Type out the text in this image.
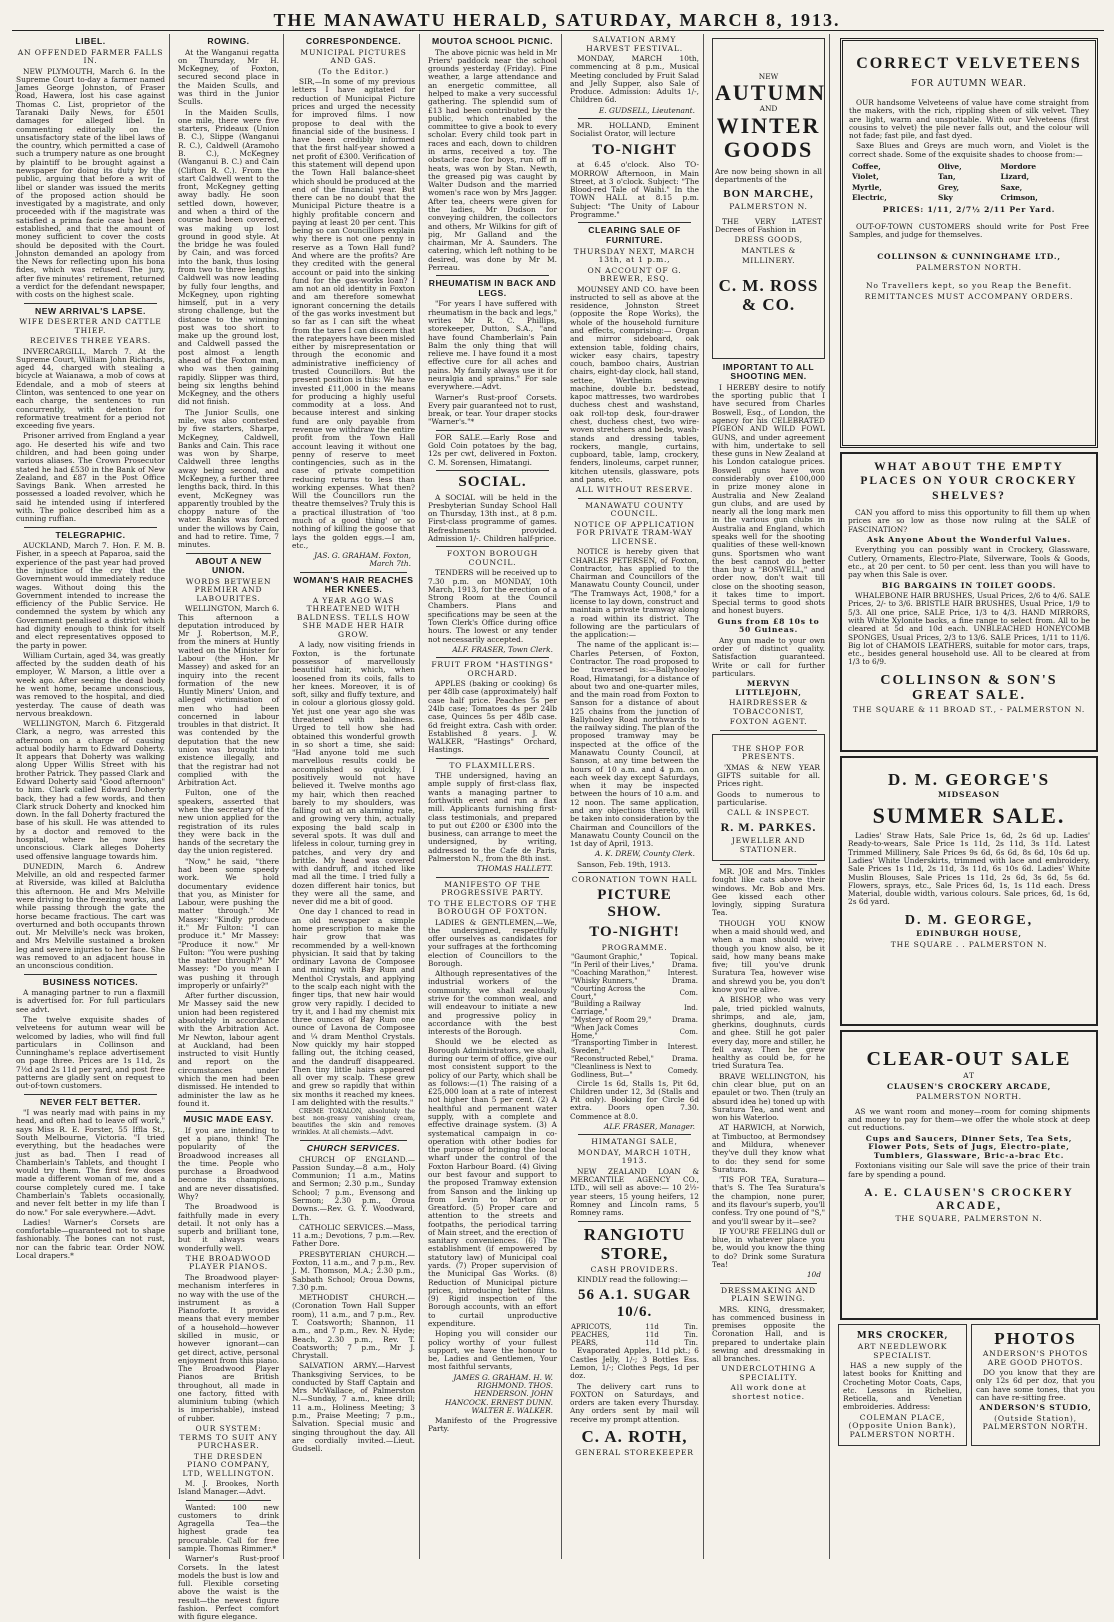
THE MANAWATU HERALD, SATURDAY, MARCH 8, 1913.
LIBEL.
AN OFFENDED FARMER FALLS IN.

NEW PLYMOUTH, March 6. In the Supreme Court to-day a farmer named James George Johnston, of Fraser Road, Hawera, lost his case against Thomas C. List, proprietor of the Taranaki Daily News, for £501 damages for alleged libel. In commenting editorially on the unsatisfactory state of the libel laws of the country, which permitted a case of such a trumpery nature as one brought by plaintiff to be brought against a newspaper for doing its duty by the public, arguing that before a writ of libel or slander was issued the merits of the proposed action should be investigated by a magistrate, and only proceeded with if the magistrate was satisfied a prima facie case had been established, and that the amount of money sufficient to cover the costs should be deposited with the Court. Johnston demanded an apology from the News for reflecting upon his bona fides, which was refused. The jury, after five minutes' retirement, returned a verdict for the defendant newspaper, with costs on the highest scale.

NEW ARRIVAL'S LAPSE.
WIFE DESERTER AND CATTLE THIEF.
RECEIVES THREE YEARS.

INVERCARGILL, March 7. At the Supreme Court, William John Richards, aged 44, charged with stealing a bicycle at Waianawa, a mob of cows at Edendale, and a mob of steers at Clinton, was sentenced to one year on each charge, the sentences to run concurrently, with detention for reformative treatment for a period not exceeding five years.

Prisoner arrived from England a year ago. He deserted his wife and two children, and had been going under various aliases. The Crown Prosecutor stated he had £530 in the Bank of New Zealand, and £87 in the Post Office Savings Bank. When arrested he possessed a loaded revolver, which he said he intended using if interfered with. The police described him as a cunning ruffian.

TELEGRAPHIC.

AUCKLAND, March 7. Hon. F. M. B. Fisher, in a speech at Paparoa, said the experience of the past year had proved the injustice of the cry that the Government would immediately reduce wages. Without doing this the Government intended to increase the efficiency of the Public Service. He condemned the system by which any Government penalised a district which had dignity enough to think for itself and elect representatives opposed to the party in power.

William Curtain, aged 34, was greatly affected by the sudden death of his employer, W. Marson, a little over a week ago. After seeing the dead body he went home, became unconscious, was removed to the hospital, and died yesterday. The cause of death was nervous breakdown.

WELLINGTON, March 6. Fitzgerald Clark, a negro, was arrested this afternoon on a charge of causing actual bodily harm to Edward Doherty. It appears that Doherty was walking along Upper Willis Street with his brother Patrick. They passed Clark and Edward Doherty said "Good afternoon" to him. Clark called Edward Doherty back, they had a few words, and then Clark struck Doherty and knocked him down. In the fall Doherty fractured the base of his skull. He was attended to by a doctor and removed to the hospital, where he now lies unconscious. Clark alleges Doherty used offensive language towards him.

DUNEDIN, March 6. Andrew Melville, an old and respected farmer at Riverside, was killed at Balclutha this afternoon. He and Mrs Melville were driving to the freezing works, and while passing through the gate the horse became fractious. The cart was overturned and both occupants thrown out. Mr Melville's neck was broken, and Mrs Melville sustained a broken leg and severe injuries to her face. She was removed to an adjacent house in an unconscious condition.

BUSINESS NOTICES.

A managing partner to run a flaxmill is advertised for. For full particulars see advt.

The twelve exquisite shades of velveteens for autumn wear will be welcomed by ladies, who will find full particulars in Collinson and Cunninghame's replace advertisement on page three. Prices are 1s 11d, 2s 7½d and 2s 11d per yard, and post free patterns are gladly sent on request to out-of-town customers.

NEVER FELT BETTER.

"I was nearly mad with pains in my head, and often had to leave off work," says Miss R. E. Forster, 55 Iffla St., South Melbourne, Victoria. "I tried everything, but the headaches were just as bad. Then I read of Chamberlain's Tablets, and thought I would try them. The first few doses made a different woman of me, and a course completely cured me. I take Chamberlain's Tablets occasionally, and never felt better in my life than I do now." For sale everywhere.—Advt.

Ladies! Warner's Corsets are comfortable—guaranteed not to shape fashionably. The bones can not rust, nor can the fabric tear. Order NOW. Local drapers.*

ROWING.

At the Wanganui regatta on Thursday, Mr H. McKegney, of Foxton, secured second place in the Maiden Sculls, and was third in the Junior Sculls.

In the Maiden Sculls, one mile, there were five starters, Prideaux (Union B. C.), Slippe (Wanganui R. C.), Caldwell (Aramoho B. C.), McKegney (Wanganui B. C.) and Cain (Clifton R. C.). From the start Caldwell went to the front, McKegney getting away badly. He soon settled down, however, and when a third of the course had been covered, was making up lost ground in good style. At the bridge he was fouled by Cain, and was forced into the bank, thus losing from two to three lengths. Caldwell was now leading by fully four lengths, and McKegney, upon righting himself, put in a very strong challenge, but the distance to the winning post was too short to make up the ground lost, and Caldwell passed the post almost a length ahead of the Foxton man, who was then gaining rapidly. Slipper was third, being six lengths behind McKegney, and the others did not finish.

The Junior Sculls, one mile, was also contested by five starters, Sharpe, McKegney, Caldwell, Banks and Cain. This race was won by Sharpe, Caldwell three lengths away being second, and McKegney, a further three lengths back, third. In this event, McKegney was apparently troubled by the choppy nature of the water. Banks was forced under the willows by Cain, and had to retire. Time, 7 minutes.

ABOUT A NEW UNION.
WORDS BETWEEN PREMIER AND LABOURITES.

WELLINGTON, March 6. This afternoon a deputation introduced by Mr J. Robertson, M.P., from the miners at Huntly waited on the Minister for Labour (the Hon. Mr Massey) and asked for an inquiry into the recent formation of the new Huntly Miners' Union, and alleged victimisation of men who had been concerned in labour troubles in that district. It was contended by the deputation that the new union was brought into existence illegally, and that the registrar had not complied with the Arbitration Act.

Fulton, one of the speakers, asserted that when the secretary of the new union applied for the registration of its rules they were back in the hands of the secretary the day the union registered.

"Now," he said, "there had been some speedy work. We hold documentary evidence that you, as Minister for Labour, were pushing the matter through." Mr Massey: "Kindly produce it." Mr Fulton: "I can produce it." Mr Massey: "Produce it now." Mr Fulton: "You were pushing the matter through?" Mr Massey: "Do you mean I was pushing it through improperly or unfairly?"

After further discussion, Mr Massey said the new union had been registered absolutely in accordance with the Arbitration Act. Mr Newton, labour agent at Auckland, had been instructed to visit Huntly and report on the circumstances under which the men had been dismissed. He intended to administer the law as he found it.

MUSIC MADE EASY.

If you are intending to get a piano, think! The popularity of the Broadwood increases all the time. People who purchase a Broadwood become its champions, and are never dissatisfied. Why?

The Broadwood is faithfully made in every detail. It not only has a superb and brilliant tone, but it always wears wonderfully well.

THE BROADWOOD PLAYER PIANOS.

The Broadwood player-mechanism interferes in no way with the use of the instrument as a Pianoforte. It provides means that every member of a household—however skilled in music, or however ignorant—can get direct, active, personal enjoyment from this piano. The Broadwood Player Pianos are British throughout, all made in one factory, fitted with aluminium tubing (which is imperishable), instead of rubber.

OUR SYSTEM: TERMS TO SUIT ANY PURCHASER.
THE DRESDEN PIANO COMPANY, LTD, WELLINGTON.

M. J. Brookes, North Island Manager.—Advt.

Wanted: 100 new customers to drink Agragella Tea—the highest grade tea procurable. Call for free sample. Thomas Rimmer.*

Warner's Rust-proof Corsets. In the latest models the bust is low and full. Flexible corseting above the waist is the result—the newest figure fashion. Perfect comfort with figure elegance.

CORRESPONDENCE.
MUNICIPAL PICTURES AND GAS.
(To the Editor.)

SIR,—In some of my previous letters I have agitated for reduction of Municipal Picture prices and urged the necessity for improved films. I now propose to deal with the financial side of the business. I have been credibly informed that the first half-year showed a net profit of £300. Verification of this statement will depend upon the Town Hall balance-sheet which should be produced at the end of the financial year. But there can be no doubt that the Municipal Picture theatre is a highly profitable concern and paying at least 20 per cent. This being so can Councillors explain why there is not one penny in reserve as a Town Hall fund? And where are the profits? Are they credited with the general account or paid into the sinking fund for the gas-works loan? I am not an old identity in Foxton and am therefore somewhat ignorant concerning the details of the gas works investment but so far as I can sift the wheat from the tares I can discern that the ratepayers have been misled either by misrepresentation or through the economic and administrative inefficiency of trusted Councillors. But the present position is this: We have invested £11,000 in the means for producing a highly useful commodity at a loss. And because interest and sinking fund are only payable from revenue we withdraw the entire profit from the Town Hall account leaving it without one penny of reserve to meet contingencies, such as in the case of private competition reducing returns to less than working expenses. What then? Will the Councillors run the theatre themselves? Truly this is a practical illustration of 'too much of a good thing' or so nothing of killing the goose that lays the golden eggs.—I am, etc.,

JAS. G. GRAHAM. Foxton, March 7th.
WOMAN'S HAIR REACHES HER KNEES.
A YEAR AGO WAS THREATENED WITH BALDNESS. TELLS HOW SHE MADE HER HAIR GROW.

A lady, now visiting friends in Foxton, is the fortunate possessor of marvellously beautiful hair, which, when loosened from its coils, falls to her knees. Moreover, it is of soft, silky and fluffy texture, and in colour a glorious glossy gold. Yet just one year ago she was threatened with baldness. Urged to tell how she had obtained this wonderful growth in so short a time, she said: "Had anyone told me such marvellous results could be accomplished so quickly, I positively would not have believed it. Twelve months ago my hair, which then reached barely to my shoulders, was falling out at an alarming rate, and growing very thin, actually exposing the bald scalp in several spots. It was dull and lifeless in colour, turning grey in patches, and very dry and brittle. My head was covered with dandruff, and itched like mad all the time. I tried fully a dozen different hair tonics, but they were all the same, and never did me a bit of good.

One day I chanced to read in an old newspaper a simple home prescription to make the hair grow that was recommended by a well-known physician. It said that by taking ordinary Lavona de Composee and mixing with Bay Rum and Menthol Crystals, and applying to the scalp each night with the finger tips, that new hair would grow very rapidly. I decided to try it, and I had my chemist mix three ounces of Bay Rum one ounce of Lavona de Composee and ¼ dram Menthol Crystals. Now quickly my hair stopped falling out, the itching ceased, and the dandruff disappeared. Then tiny little hairs appeared all over my scalp. These grew and grew so rapidly that within six months it reached my knees. I am delighted with the results."

CREME TOKALON, absolutely the best non-greasy vanishing cream, beautifies the skin and removes wrinkles. At all chemists.—Advt.

CHURCH SERVICES.

CHURCH OF ENGLAND.—Passion Sunday.—8 a.m., Holy Communion; 11 a.m., Matins and Sermon; 2.30 p.m., Sunday School; 7 p.m., Evensong and Sermon; 2.30 p.m., Oroua Downs.—Rev. G. Y. Woodward, L.Th.

CATHOLIC SERVICES.—Mass, 11 a.m.; Devotions, 7 p.m.—Rev. Father Dore.

PRESBYTERIAN CHURCH.—Foxton, 11 a.m., and 7 p.m., Rev. J. M. Thomson, M.A.; 2.30 p.m., Sabbath School; Oroua Downs, 7.30 p.m.

METHODIST CHURCH.—(Coronation Town Hall Supper room), 11 a.m., and 7 p.m., Rev. T. Coatsworth; Shannon, 11 a.m., and 7 p.m., Rev. N. Hyde; Beach, 2.30 p.m., Rev. T. Coatsworth; 7 p.m., Mr J. Chrystall.

SALVATION ARMY.—Harvest Thanksgiving Services, to be conducted by Staff Captain and Mrs McWallace, of Palmerston N.—Sunday, 7 a.m., knee drill; 11 a.m., Holiness Meeting; 3 p.m., Praise Meeting; 7 p.m., Salvation. Special music and singing throughout the day. All are cordially invited.—Lieut. Gudsell.

MOUTOA SCHOOL PICNIC.

The above picnic was held in Mr Priers' paddock near the school grounds yesterday (Friday). Fine weather, a large attendance and an energetic committee, all helped to make a very successful gathering. The splendid sum of £13 had been contributed by the public, which enabled the committee to give a book to every scholar. Every child took part in races and each, down to children in arms, received a toy. The obstacle race for boys, run off in heats, was won by Stan. Newth, the greased pig was caught by Walter Dudson and the married women's race won by Mrs Jagger. After tea, cheers were given for the ladies, Mr Dudson for conveying children, the collectors and others, Mr Wilkins for gift of pig, Mr Galland and the chairman, Mr A. Saunders. The catering, which left nothing to be desired, was done by Mr M. Perreau.

RHEUMATISM IN BACK AND LEGS.

"For years I have suffered with rheumatism in the back and legs," writes Mr R. C. Phillips, storekeeper, Dutton, S.A., "and have found Chamberlain's Pain Balm the only thing that will relieve me. I have found it a most effective cure for all aches and pains. My family always use it for neuralgia and sprains." For sale everywhere.—Advt.

Warner's Rust-proof Corsets. Every pair guaranteed not to rust, break, or tear. Your draper stocks "Warner's."*

FOR SALE.—Early Rose and Gold Coin potatoes by the bag, 12s per cwt, delivered in Foxton. C. M. Sorensen, Himatangi.

SOCIAL.

A SOCIAL will be held in the Presbyterian Sunday School Hall on Thursday, 13th inst., at 8 p.m. First-class programme of games. Refreshments provided. Admission 1/-. Children half-price.

FOXTON BOROUGH COUNCIL.

TENDERS will be received up to 7.30 p.m. on MONDAY, 10th March, 1913, for the erection of a Strong Room at the Council Chambers. Plans and specifications may be seen at the Town Clerk's Office during office hours. The lowest or any tender not necessarily accepted.

ALF. FRASER, Town Clerk.
FRUIT FROM "HASTINGS" ORCHARD.

APPLES (baking or cooking) 6s per 48lb case (approximately) half case half price. Peaches 5s per 24lb case; Tomatoes 4s per 24lb case, Quinces 5s per 48lb case. 6d freight extra. Cash with order. Established 8 years. J. W. WALKER, "Hastings" Orchard, Hastings.

TO FLAXMILLERS.

THE undersigned, having an ample supply of first-class flax, wants a managing partner to forthwith erect and run a flax mill. Applicants furnishing first-class testimonials, and prepared to put out £200 or £300 into the business, can arrange to meet the undersigned, by writing, addressed to the Cafe de Paris, Palmerston N., from the 8th inst.

THOMAS HALLETT.
MANIFESTO OF THE PROGRESSIVE PARTY.
TO THE ELECTORS OF THE BOROUGH OF FOXTON.

LADIES & GENTLEMEN,—We, the undersigned, respectfully offer ourselves as candidates for your suffrages at the forthcoming election of Councillors to the Borough.

Although representatives of the industrial workers of the community, we shall zealously strive for the common weal, and will endeavour to initiate a new and progressive policy in accordance with the best interests of the Borough.

Should we be elected as Borough Administrators, we shall, during our term of office, give our most consistent support to the policy of our Party, which shall be as follows:—(1) The raising of a £25,000 loan at a rate of interest not higher than 5 per cent. (2) A healthful and permanent water supply, with a complete and effective drainage system. (3) A systematical campaign in co-operation with other bodies for the purpose of bringing the local wharf under the control of the Foxton Harbour Board. (4) Giving our best favour and support to the proposed Tramway extension from Sanson and the linking up from Levin to Marton or Greatford. (5) Proper care and attention to the streets and footpaths, the periodical tarring of Main street, and the erection of sanitary conveniences. (6) The establishment (if empowered by statutory law) of Municipal coal yards. (7) Proper supervision of the Municipal Gas Works. (8) Reduction of Municipal picture prices, introducing better films. (9) Rigid inspection of the Borough accounts, with an effort to curtail unproductive expenditure.

Hoping you will consider our policy worthy of your fullest support, we have the honour to be, Ladies and Gentlemen, Your most faithful servants,

JAMES G. GRAHAM. H. W. RIGHMOND. THOS. HENDERSON. JOHN HANCOCK. ERNEST DUNN. WALTER E. WALKER.

Manifesto of the Progressive Party.

SALVATION ARMY HARVEST FESTIVAL.

MONDAY, MARCH 10th, commencing at 8 p.m., Musical Meeting concluded by Fruit Salad and Jelly Supper, also Sale of Produce. Admission: Adults 1/-, Children 6d.

E. GUDSELL, Lieutenant.

MR. HOLLAND, Eminent Socialist Orator, will lecture

TO-NIGHT

at 6.45 o'clock. Also TO-MORROW Afternoon, in Main Street, at 3 o'clock. Subject: "The Blood-red Tale of Waihi." In the TOWN HALL at 8.15 p.m. Subject: "The Unity of Labour Programme."

CLEARING SALE OF FURNITURE.
THURSDAY NEXT, MARCH 13th, at 1 p.m.,
ON ACCOUNT OF G. BREWER, ESQ.

MOUNSEY AND CO. have been instructed to sell as above at the residence, Johnston Street (opposite the Rope Works), the whole of the household furniture and effects, comprising:— Organ and mirror sideboard, oak extension table, folding chairs, wicker easy chairs, tapestry couch, bamboo chairs, Austrian chairs, eight-day clock, hall stand, settee, Wertheim sewing machine, double b.r. bedstead, kapoc mattresses, two wardrobes duchess chest and washstand, oak roll-top desk, four-drawer chest, duchess chest, two wire-woven stretchers and beds, wash-stands and dressing tables, rockers, mangle, curtains, cupboard, table, lamp, crockery, fenders, linoleums, carpet runner, kitchen utensils, glassware, pots and pans, etc.

ALL WITHOUT RESERVE.
MANAWATU COUNTY COUNCIL.
NOTICE OF APPLICATION FOR PRIVATE TRAM-WAY LICENSE.

NOTICE is hereby given that CHARLES PETERSEN, of Foxton, Contractor, has applied to the Chairman and Councillors of the Manawatu County Council, under "The Tramways Act, 1908," for a license to lay down, construct and maintain a private tramway along a road within its district. The following are the particulars of the application:—

The name of the applicant is:—Charles Petersen, of Foxton, Contractor. The road proposed to be traversed is:—Ballyhooley Road, Himatangi, for a distance of about two and one-quarter miles, and the main road from Foxton to Sanson for a distance of about 125 chains from the junction of Ballyhooley Road northwards to the railway siding. The plan of the proposed tramway may be inspected at the office of the Manawatu County Council, at Sanson, at any time between the hours of 10 a.m. and 4 p.m. on each week day except Saturdays, when it may be inspected between the hours of 10 a.m. and 12 noon. The same application, and any objections thereto, will be taken into consideration by the Chairman and Councillors of the Manawatu County Council on the 1st day of April, 1913.

A. K. DREW, County Clerk.

Sanson, Feb. 19th, 1913.

CORONATION TOWN HALL
PICTURE SHOW.
TO-NIGHT!
PROGRAMME.
"Gaumont Graphic,"	Topical.
"In Peril of their Lives,"	Drama.
"Coaching Marathon,"	Interest.
"Whisky Runners,"	Drama.
"Courting Across the Court,"	Com.
"Building a Railway Carriage,"	Ind.
"Mystery of Room 29,"	Drama.
"When Jack Comes Home,"	Com.
"Transporting Timber in Sweden,"	Interest.
"Reconstructed Rebel,"	Drama.
"Cleanliness is Next to Godliness, But—"	Comedy.

Circle 1s 6d, Stalls 1s, Pit 6d, Children under 12, 3d (Stalls and Pit only). Booking for Circle 6d extra. Doors open 7.30. Commence at 8.0.

ALF. FRASER, Manager.
HIMATANGI SALE,
MONDAY, MARCH 10TH, 1913.

NEW ZEALAND LOAN & MERCANTILE AGENCY CO., LTD., will sell as above:— 10 2½-year steers, 15 young heifers, 12 Romney and Lincoln rams, 5 Romney rams.

RANGIOTU STORE,
CASH PROVIDERS.

KINDLY read the following:—

56 A.1. SUGAR 10/6.
APRICOTS,	11d	Tin.
PEACHES,	11d	Tin.
PEARS,	11d	Tin.

Evaporated Apples, 11d pkt.; 6 Castles Jelly, 1/-; 3 Bottles Ess. Lemon, 1/-; Clothes Pegs, 1d per doz.

The delivery cart runs to FOXTON on Saturdays, and orders are taken every Thursday. Any orders sent by mail will receive my prompt attention.

C. A. ROTH,
GENERAL STOREKEEPER
NEW
AUTUMN
AND
WINTER
GOODS

Are now being shown in all departments of the

BON MARCHE,
PALMERSTON N.

THE VERY LATEST Decrees of Fashion in

DRESS GOODS,
MANTLES &
MILLINERY.
C. M. ROSS & CO.
IMPORTANT TO ALL SHOOTING MEN.

I HEREBY desire to notify the sporting public that I have secured from Charles Boswell, Esq., of London, the agency for his CELEBRATED PIGEON AND WILD FOWL GUNS, and under agreement with him, undertake to sell these guns in New Zealand at his London catalogue prices. Boswell guns have won considerably over £100,000 in prize money alone in Australia and New Zealand gun clubs, and are used by nearly all the long mark men in the various gun clubs in Australia and England, which speaks well for the shooting qualities of these well-known guns. Sportsmen who want the best cannot do better than buy a "BOSWELL," and order now, don't wait till close on the shooting season, it takes time to import. Special terms to good shots and honest buyers.

Guns from £8 10s to 50 Guineas.

Any gun made to your own order of distinct quality. Satisfaction guaranteed. Write or call for further particulars.

MERVYN LITTLEJOHN,
HAIRDRESSER & TOBACCONIST,
FOXTON AGENT.
THE SHOP FOR PRESENTS.

'XMAS & NEW YEAR GIFTS suitable for all. Prices right.

Goods to numerous to particularise.

CALL & INSPECT.
R. M. PARKES.
JEWELLER AND STATIONER.

MR. JOE and Mrs. Tinkles fought like cats above their windows. Mr. Bob and Mrs. Gee kissed each other lovingly, sipping Suratura Tea.

THOUGH YOU KNOW when a maid should wed, and when a man should wive; though you know also, be it said, how many beans make five; till you've drunk Suratura Tea, however wise and shrewd you be, you don't know you're alive.

A BISHOP, who was very pale, tried pickled walnuts, shrimps, and ale, jam, gherkins, doughnuts, curds and ghee. Still he got paler every day, more and stiller, he fell away. Then he grew healthy as could be, for he tried Suratura Tea.

BRAVE WELLINGTON, his chin clear blue, put on an epaulet or two. Then (truly an absurd idea he) toned up with Suratura Tea, and went and won his Waterloo.

AT HARWICH, at Norwich, at Timbuctoo, at Bermondsey and Mildura, whenever they've dull they know what to do: they send for some Suratura.

'TIS FOR TEA, Suratura—that's S. The Tea Suratura's the champion, none purer, and its flavour's superb, you'll confess. Try one pound of "S," and you'll swear by it—see?

IF YOU'RE FEELING dull or blue, in whatever place you be, would you know the thing to do? Drink some Suratura Tea!

10d
DRESSMAKING AND PLAIN SEWING.

MRS. KING, dressmaker, has commenced business in premises opposite the Coronation Hall, and is prepared to undertake plain sewing and dressmaking in all branches.

UNDERCLOTHING A SPECIALITY.
All work done at shortest notice.
CORRECT VELVETEENS
FOR AUTUMN WEAR.

OUR handsome Velveteens of value have come straight from the makers, with the rich, rippling sheen of silk velvet. They are light, warm and unspottable. With our Velveteens (first cousins to velvet) the pile never falls out, and the colour will not fade; fast pile, and fast dyed.

Saxe Blues and Greys are much worn, and Violet is the correct shade. Some of the exquisite shades to choose from:—

Coffee,	Olive,	Mordore
Violet,	Tan,	Lizard,
Myrtle,	Grey,	Saxe,
Electric,	Sky	Crimson,
PRICES: 1/11, 2/7½ 2/11 Per Yard.

OUT-OF-TOWN CUSTOMERS should write for Post Free Samples, and judge for themselves.

COLLINSON & CUNNINGHAME LTD.,
PALMERSTON NORTH.
No Travellers kept, so you Reap the Benefit.
REMITTANCES MUST ACCOMPANY ORDERS.
WHAT ABOUT THE EMPTY PLACES ON YOUR CROCKERY SHELVES?

CAN you afford to miss this opportunity to fill them up when prices are so low as those now ruling at the SALE of FASCINATION?

Ask Anyone About the Wonderful Values.

Everything you can possibly want in Crockery, Glassware, Cutlery, Ornaments, Electro-Plate, Silverware, Tools & Goods, etc., at 20 per cent. to 50 per cent. less than you will have to pay when this Sale is over.

BIG BARGAINS IN TOILET GOODS.

WHALEBONE HAIR BRUSHES, Usual Prices, 2/6 to 4/6. SALE Prices, 2/- to 3/6. BRISTLE HAIR BRUSHES, Usual Price, 1/9 to 5/3. All one price, SALE Price, 1/3 to 4/3. HAND MIRRORS, with White Xylonite backs, a fine range to select from. All to be cleared at 5d and 10d each. UNBLEACHED HONEYCOMB SPONGES, Usual Prices, 2/3 to 13/6. SALE Prices, 1/11 to 11/6. Big lot of CHAMOIS LEATHERS, suitable for motor cars, traps, etc., besides general household use. All to be cleared at from 1/3 to 6/9.

COLLINSON & SON'S
GREAT SALE.
THE SQUARE & 11 BROAD ST., - PALMERSTON N.
D. M. GEORGE'S
MIDSEASON
SUMMER SALE.

Ladies' Straw Hats, Sale Price 1s, 6d, 2s 6d up. Ladies' Ready-to-wears, Sale Price 1s 11d, 2s 11d, 3s 11d. Latest Trimmed Millinery, Sale Prices 9s 6d, 6s 6d, 8s 6d, 10s 6d up. Ladies' White Underskirts, trimmed with lace and embroidery, Sale Prices 1s 11d, 2s 11d, 3s 11d, 6s 10s 6d. Ladies' White Muslin Blouses, Sale Prices 1s 11d, 2s 6d, 3s 6d, 5s 6d. Flowers, sprays, etc., Sale Prices 6d, 1s, 1s 11d each. Dress Material, double width, various colours. Sale prices, 6d, 1s 6d, 2s 6d yard.

D. M. GEORGE,
EDINBURGH HOUSE,
THE SQUARE . . PALMERSTON N.
CLEAR-OUT SALE
AT
CLAUSEN'S CROCKERY ARCADE,
PALMERSTON NORTH.

AS we want room and money—room for coming shipments and money to pay for them—we offer the whole stock at deep cut reductions.

Cups and Saucers, Dinner Sets, Tea Sets, Flower Pots, Sets of Jugs, Electro-plate, Tumblers, Glassware, Bric-a-brac Etc.

Foxtonians visiting our Sale will save the price of their train fare by spending a pound.

A. E. CLAUSEN'S CROCKERY ARCADE,
THE SQUARE, PALMERSTON N.
MRS CROCKER,
ART NEEDLEWORK SPECIALIST.

HAS a new supply of the latest books for Knitting and Crocheting Motor Coats, Caps, etc. Lessons in Richelieu, Reticella, and Venetian embroideries. Address:

COLEMAN PLACE, (Opposite Union Bank), PALMERSTON NORTH.
PHOTOS
ANDERSON'S PHOTOS ARE GOOD PHOTOS.

DO you know that they are only 12s 6d per doz, that you can have some tones, that you can have re-sitting free.

ANDERSON'S STUDIO,
(Outside Station), PALMERSTON NORTH.
